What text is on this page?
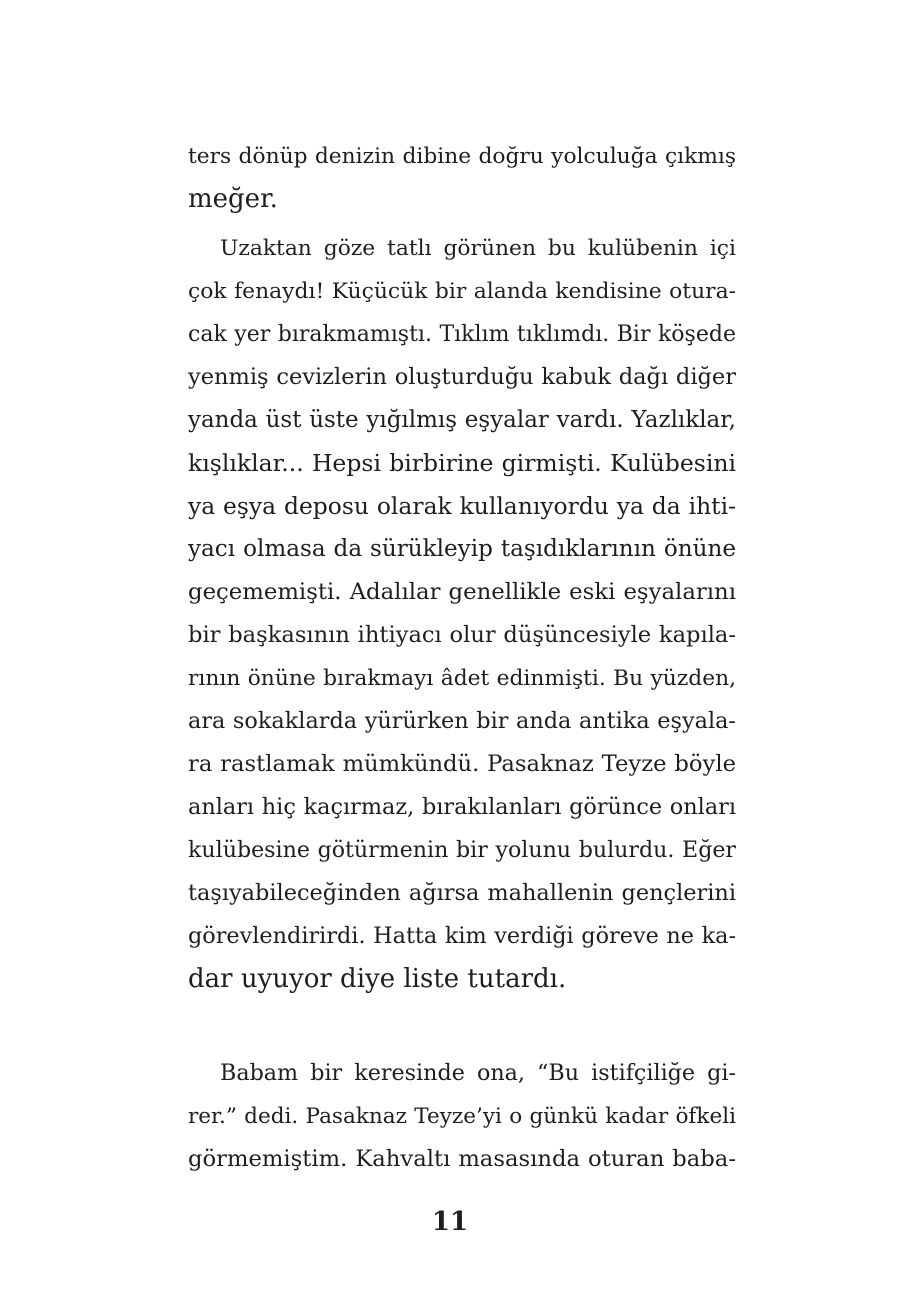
ters dönüp denizin dibine doğru yolculuğa çıkmış
meğer.
Uzaktan göze tatlı görünen bu kulübenin içi
çok fenaydı! Küçücük bir alanda kendisine otura-
cak yer bırakmamıştı. Tıklım tıklımdı. Bir köşede
yenmiş cevizlerin oluşturduğu kabuk dağı diğer
yanda üst üste yığılmış eşyalar vardı. Yazlıklar,
kışlıklar... Hepsi birbirine girmişti. Kulübesini
ya eşya deposu olarak kullanıyordu ya da ihti-
yacı olmasa da sürükleyip taşıdıklarının önüne
geçememişti. Adalılar genellikle eski eşyalarını
bir başkasının ihtiyacı olur düşüncesiyle kapıla-
rının önüne bırakmayı âdet edinmişti. Bu yüzden,
ara sokaklarda yürürken bir anda antika eşyala-
ra rastlamak mümkündü. Pasaknaz Teyze böyle
anları hiç kaçırmaz, bırakılanları görünce onları
kulübesine götürmenin bir yolunu bulurdu. Eğer
taşıyabileceğinden ağırsa mahallenin gençlerini
görevlendirirdi. Hatta kim verdiği göreve ne ka-
dar uyuyor diye liste tutardı.
Babam bir keresinde ona, “Bu istifçiliğe gi-
rer.” dedi. Pasaknaz Teyze’yi o günkü kadar öfkeli
görmemiştim. Kahvaltı masasında oturan baba-
11
